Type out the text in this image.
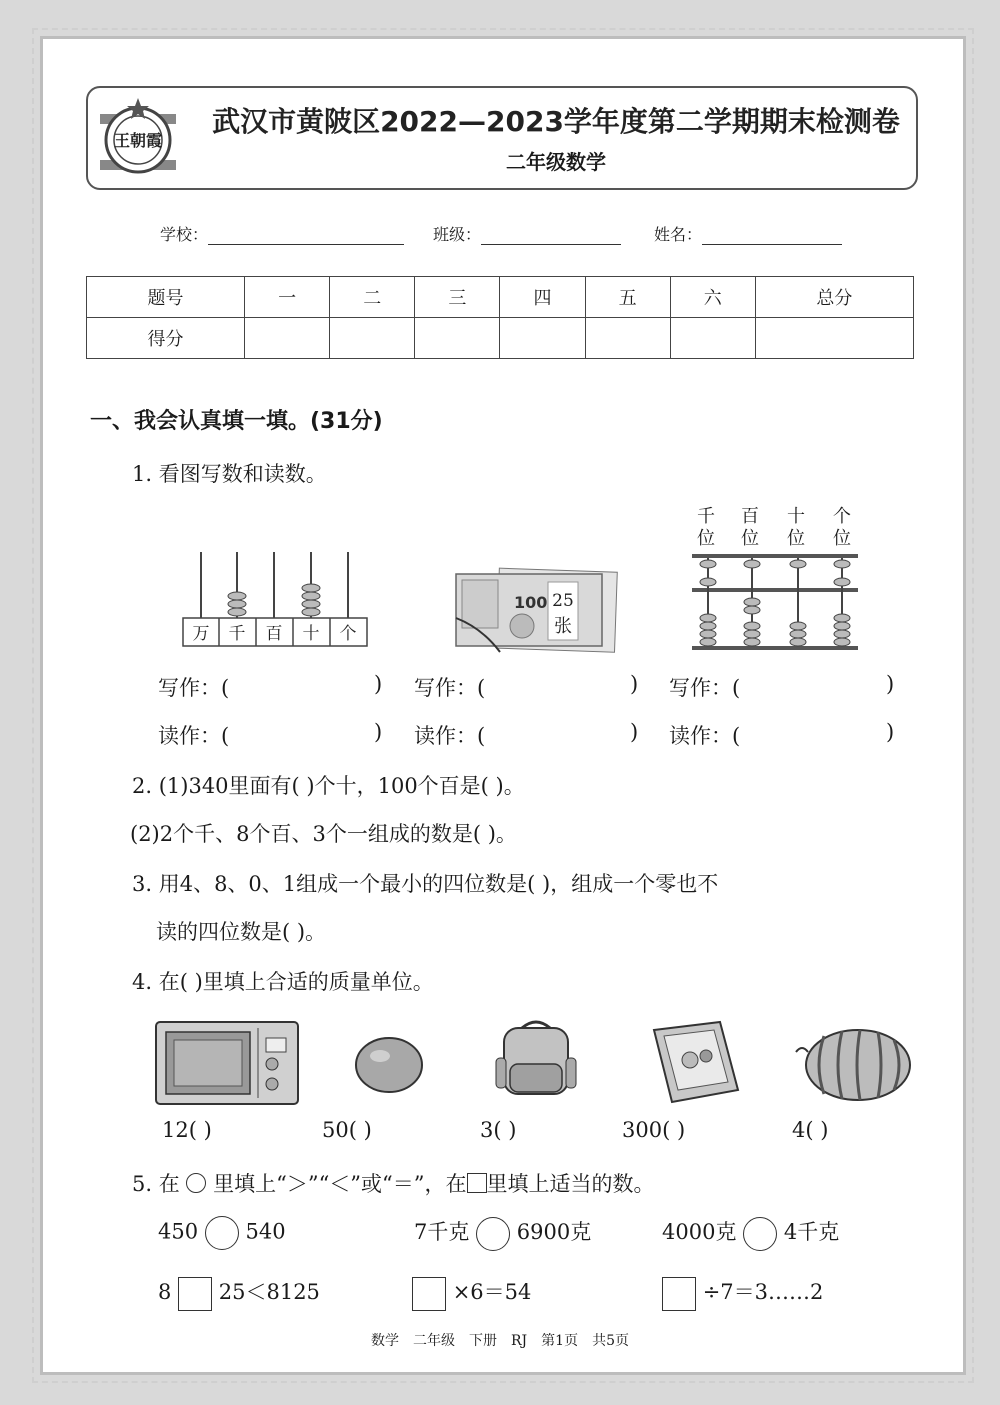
王朝霞
武汉市黄陂区2022—2023学年度第二学期期末检测卷
二年级数学
学校：	班级：	姓名：
题号	一	二	三	四	五	六	总分
得分							
一、我会认真填一填。(31分)
1. 看图写数和读数。
万 千 百 十 个
100 25
张
千
位
百
位
十
位
个
位
写作：(	) 写作：(	) 写作：(	)
读作：(	) 读作：(	) 读作：(	)
2. (1)340里面有( )个十，100个百是( )。
(2)2个千、8个百、3个一组成的数是( )。
3. 用4、8、0、1组成一个最小的四位数是( )，组成一个零也不
读的四位数是( )。
4. 在( )里填上合适的质量单位。
12( )	50( )	3( )	300( )	4( )
5. 在 里填上“＞”“＜”或“＝”，在 里填上适当的数。
450 540	7千克 6900克	4000克 4千克
8 25＜8125	×6＝54	÷7＝3……2
数学　二年级　下册　RJ　第1页　共5页
